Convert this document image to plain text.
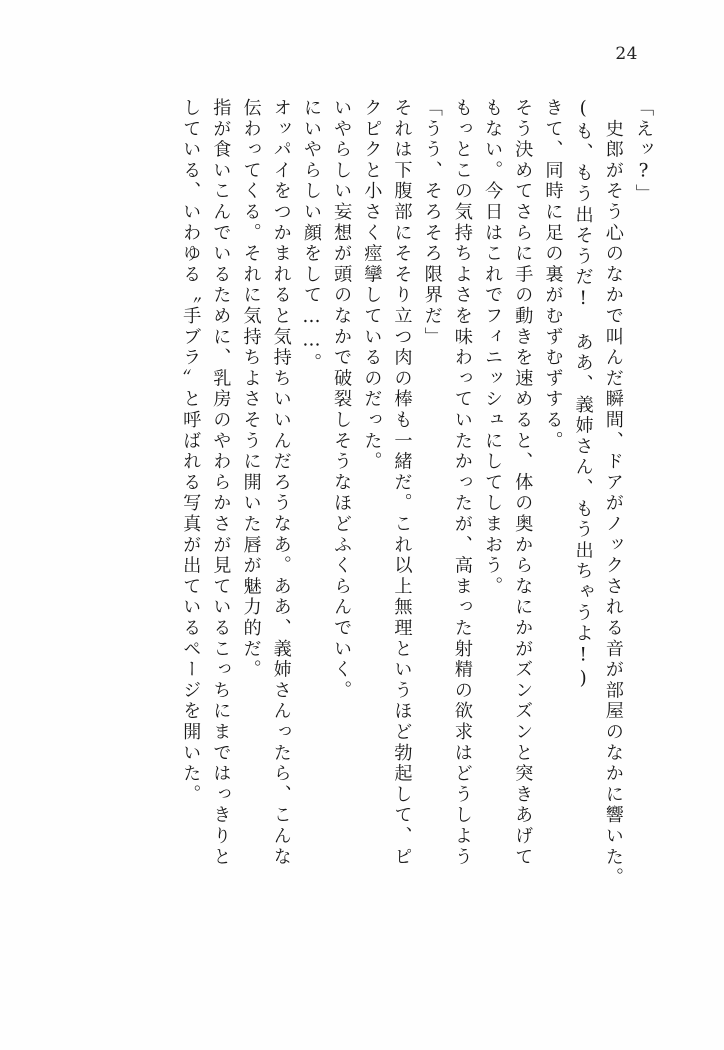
24
「えッ?」
　史郎がそう心のなかで叫んだ瞬間、ドアがノックされる音が部屋のなかに響いた。
(も、もう出そうだ!　ああ、義姉さん、もう出ちゃうよ!)
きて、同時に足の裏がむずむずする。
そう決めてさらに手の動きを速めると、体の奥からなにかがズンズンと突きあげて
もない。今日はこれでフィニッシュにしてしまおう。
もっとこの気持ちよさを味わっていたかったが、高まった射精の欲求はどうしよう
「うう、そろそろ限界だ」
それは下腹部にそそり立つ肉の棒も一緒だ。これ以上無理というほど勃起して、ピ
クピクと小さく痙攣しているのだった。
いやらしい妄想が頭のなかで破裂しそうなほどふくらんでいく。
にいやらしい顔をして……。
オッパイをつかまれると気持ちいいんだろうなあ。ああ、義姉さんったら、こんな
伝わってくる。それに気持ちよさそうに開いた唇が魅力的だ。
指が食いこんでいるために、乳房のやわらかさが見ているこっちにまではっきりと
している、いわゆる〝手ブラ〟と呼ばれる写真が出ているページを開いた。
